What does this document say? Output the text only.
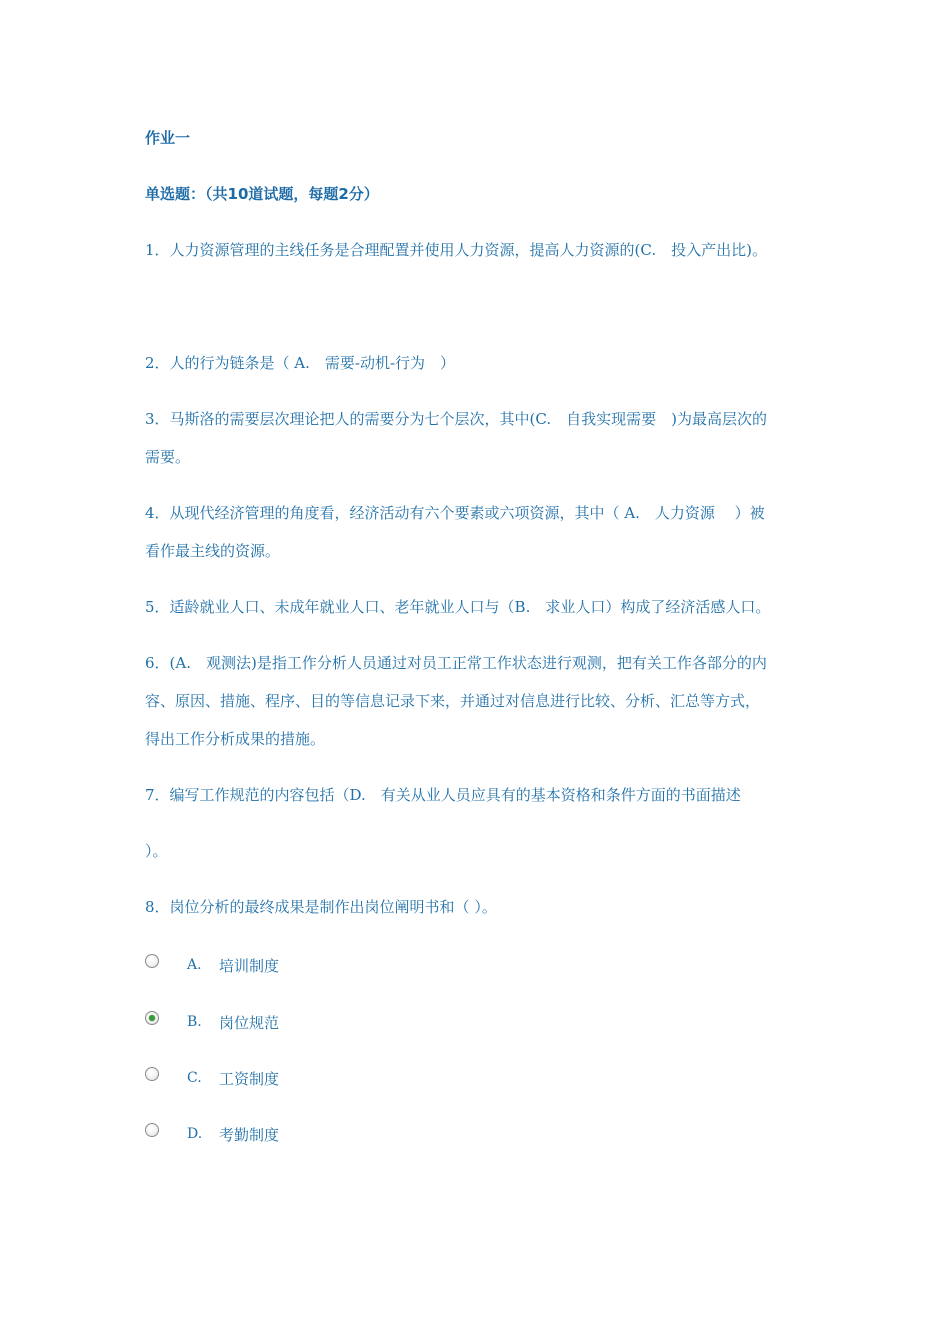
作业一
单选题：（共10道试题，每题2分）
1．人力资源管理的主线任务是合理配置并使用人力资源，提高人力资源的(C.　投入产出比)。
2．人的行为链条是（ A.　需要-动机-行为　）
3．马斯洛的需要层次理论把人的需要分为七个层次，其中(C.　自我实现需要　)为最高层次的
需要。
4．从现代经济管理的角度看，经济活动有六个要素或六项资源，其中（ A.　人力资源　 ）被
看作最主线的资源。
5．适龄就业人口、未成年就业人口、老年就业人口与（B.　求业人口）构成了经济活感人口。
6．(A.　观测法)是指工作分析人员通过对员工正常工作状态进行观测，把有关工作各部分的内
容、原因、措施、程序、目的等信息记录下来，并通过对信息进行比较、分析、汇总等方式，
得出工作分析成果的措施。
7．编写工作规范的内容包括（D.　有关从业人员应具有的基本资格和条件方面的书面描述
）。
8．岗位分析的最终成果是制作出岗位阐明书和（ ）。
A.	培训制度
B.	岗位规范
C.	工资制度
D.	考勤制度
